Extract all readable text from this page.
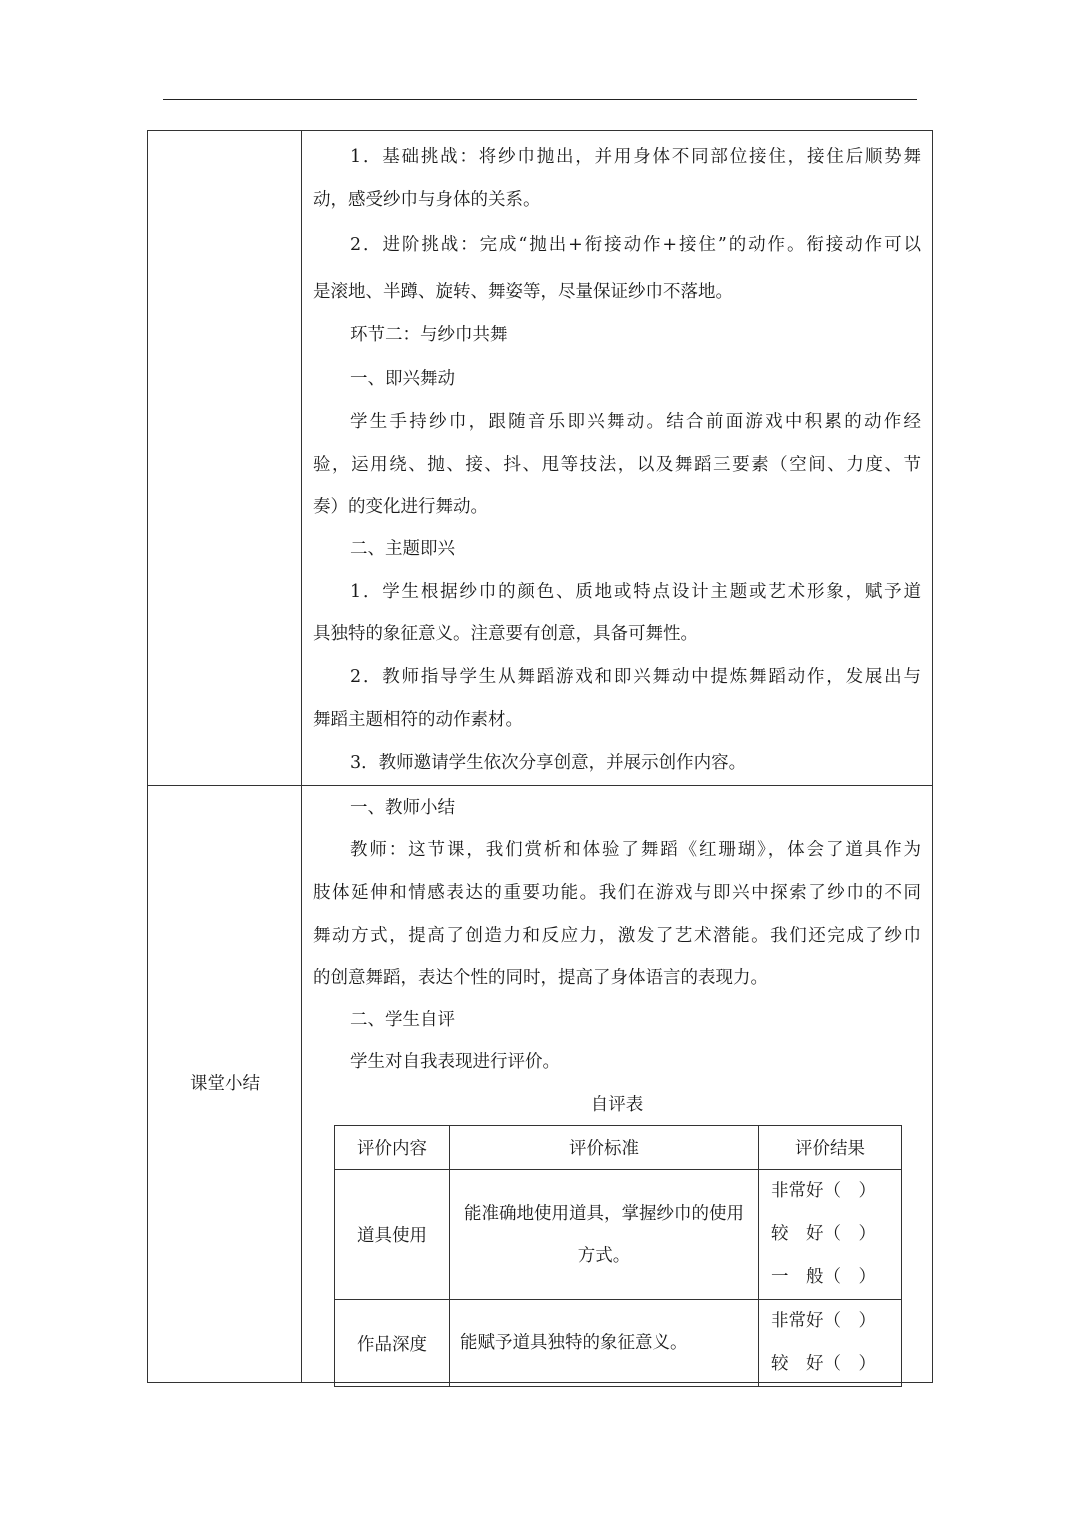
1．基础挑战：将纱巾抛出，并用身体不同部位接住，接住后顺势舞

动，感受纱巾与身体的关系。

2．进阶挑战：完成“抛出+衔接动作+接住”的动作。衔接动作可以

是滚地、半蹲、旋转、舞姿等，尽量保证纱巾不落地。

环节二：与纱巾共舞

一、即兴舞动

学生手持纱巾，跟随音乐即兴舞动。结合前面游戏中积累的动作经

验，运用绕、抛、接、抖、甩等技法，以及舞蹈三要素（空间、力度、节

奏）的变化进行舞动。

二、主题即兴

1．学生根据纱巾的颜色、质地或特点设计主题或艺术形象，赋予道

具独特的象征意义。注意要有创意，具备可舞性。

2．教师指导学生从舞蹈游戏和即兴舞动中提炼舞蹈动作，发展出与

舞蹈主题相符的动作素材。

3．教师邀请学生依次分享创意，并展示创作内容。

课堂小结

一、教师小结

教师：这节课，我们赏析和体验了舞蹈《红珊瑚》，体会了道具作为

肢体延伸和情感表达的重要功能。我们在游戏与即兴中探索了纱巾的不同

舞动方式，提高了创造力和反应力，激发了艺术潜能。我们还完成了纱巾

的创意舞蹈，表达个性的同时，提高了身体语言的表现力。

二、学生自评

学生对自我表现进行评价。

自评表
评价内容	评价标准	评价结果
道具使用	能准确地使用道具，掌握纱巾的使用方式。	非常好（　）
较　好（　）
一　般（　）

作品深度	能赋予道具独特的象征意义。	非常好（　）
较　好（　）
